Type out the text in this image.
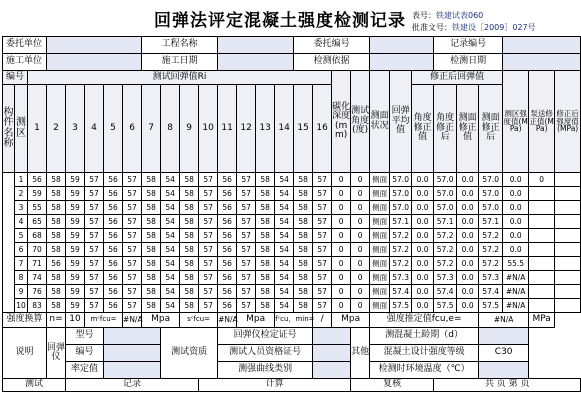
回弹法评定混凝土强度检测记录 表号：铁建试表060
批准文号：铁建设［2009］027号
委托单位								工程名称								委托编号							记录编号					
施工单位								施工日期								检测依据							检测日期					
编号		测试回弹值Ri																碳化深度(mm)	测试角度(度)	测面状况	回弹平均值	修正后回弹值				测区强度值(MPa)	泵送修正值(MPa)	修正后强度值(MPa)
构件名称	测区	1	2	3	4	5	6	7	8	9	10	11	12	13	14	15	16					角度修正值	角度修正后	测面修正值	测面修正后			
	1	56	58	59	57	56	57	58	54	58	57	56	57	58	54	58	57	0	0	侧面	57.0	0.0	57.0	0.0	57.0	0.0	0	
	2	59	58	59	57	56	57	58	54	58	57	56	57	58	54	58	57	0	0	侧面	57.0	0.0	57.0	0.0	57.0	0.0		
	3	55	58	59	57	56	57	58	54	58	57	56	57	58	54	58	57	0	0	侧面	57.0	0.0	57.0	0.0	57.0	0.0		
	4	65	58	59	57	56	57	58	54	58	57	56	57	58	54	58	57	0	0	侧面	57.1	0.0	57.1	0.0	57.1	0.0		
	5	68	58	59	57	56	57	58	54	58	57	56	57	58	54	58	57	0	0	侧面	57.2	0.0	57.2	0.0	57.2	0.0		
	6	70	58	59	57	56	57	58	54	58	57	56	57	58	54	58	57	0	0	侧面	57.2	0.0	57.2	0.0	57.2	0.0		
	7	71	56	59	57	56	57	58	54	58	57	56	57	58	54	58	57	0	0	侧面	57.2	0.0	57.2	0.0	57.2	55.5		
	8	74	58	59	57	56	57	58	54	58	57	56	57	58	54	58	57	0	0	侧面	57.3	0.0	57.3	0.0	57.3	#N/A		
	9	76	58	59	57	56	57	58	54	58	57	56	57	58	54	58	57	0	0	侧面	57.4	0.0	57.4	0.0	57.4	#N/A		
	10	83	58	59	57	56	57	58	54	58	57	56	57	58	54	58	57	0	0	侧面	57.5	0.0	57.5	0.0	57.5	#N/A		
强度换算			n=	10	mᶜfcu=		#N/A	Mpa		sᶜfcu=		#N/A	Mpa		fᶜcu，min=		/	Mpa		强度推定值fcu,e=					#N/A		MPa	
说明			回弹仪	型号					测试资质			回弹仪检定证号							其他	测混凝土龄期（d）								
				编号								测试人员资格证号								混凝土设计强度等级					C30			
				率定值								测强曲线类别								检测时环境温度（℃）								
测试				记录							计算								复核				共 页 第 页					
